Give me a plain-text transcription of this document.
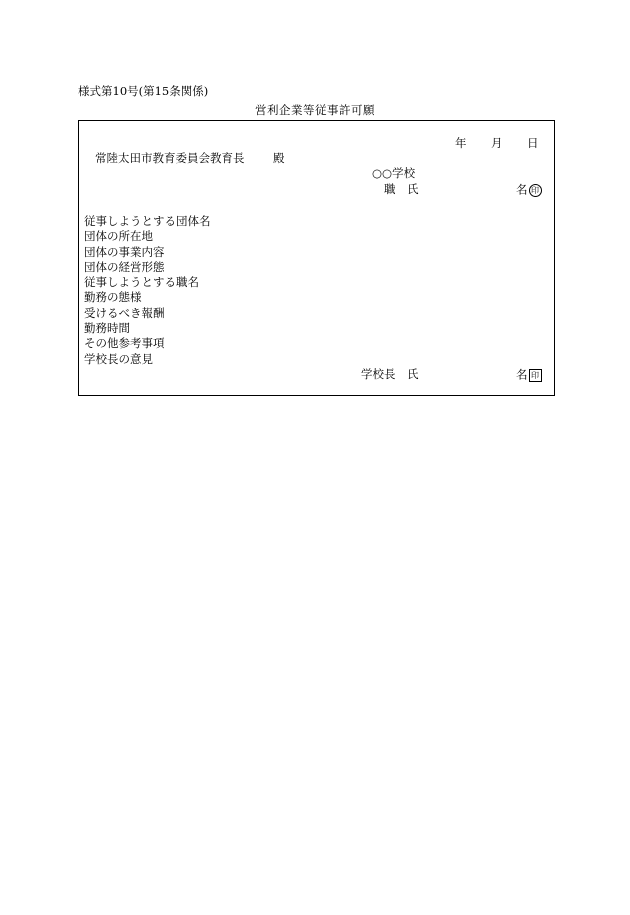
様式第10号(第15条関係)
営利企業等従事許可願
年 月 日
常陸太田市教育委員会教育長 殿
○○学校
職 氏	名 印
従事しようとする団体名
団体の所在地
団体の事業内容
団体の経営形態
従事しようとする職名
勤務の態様
受けるべき報酬
勤務時間
その他参考事項
学校長の意見
学校長 氏	名 印
